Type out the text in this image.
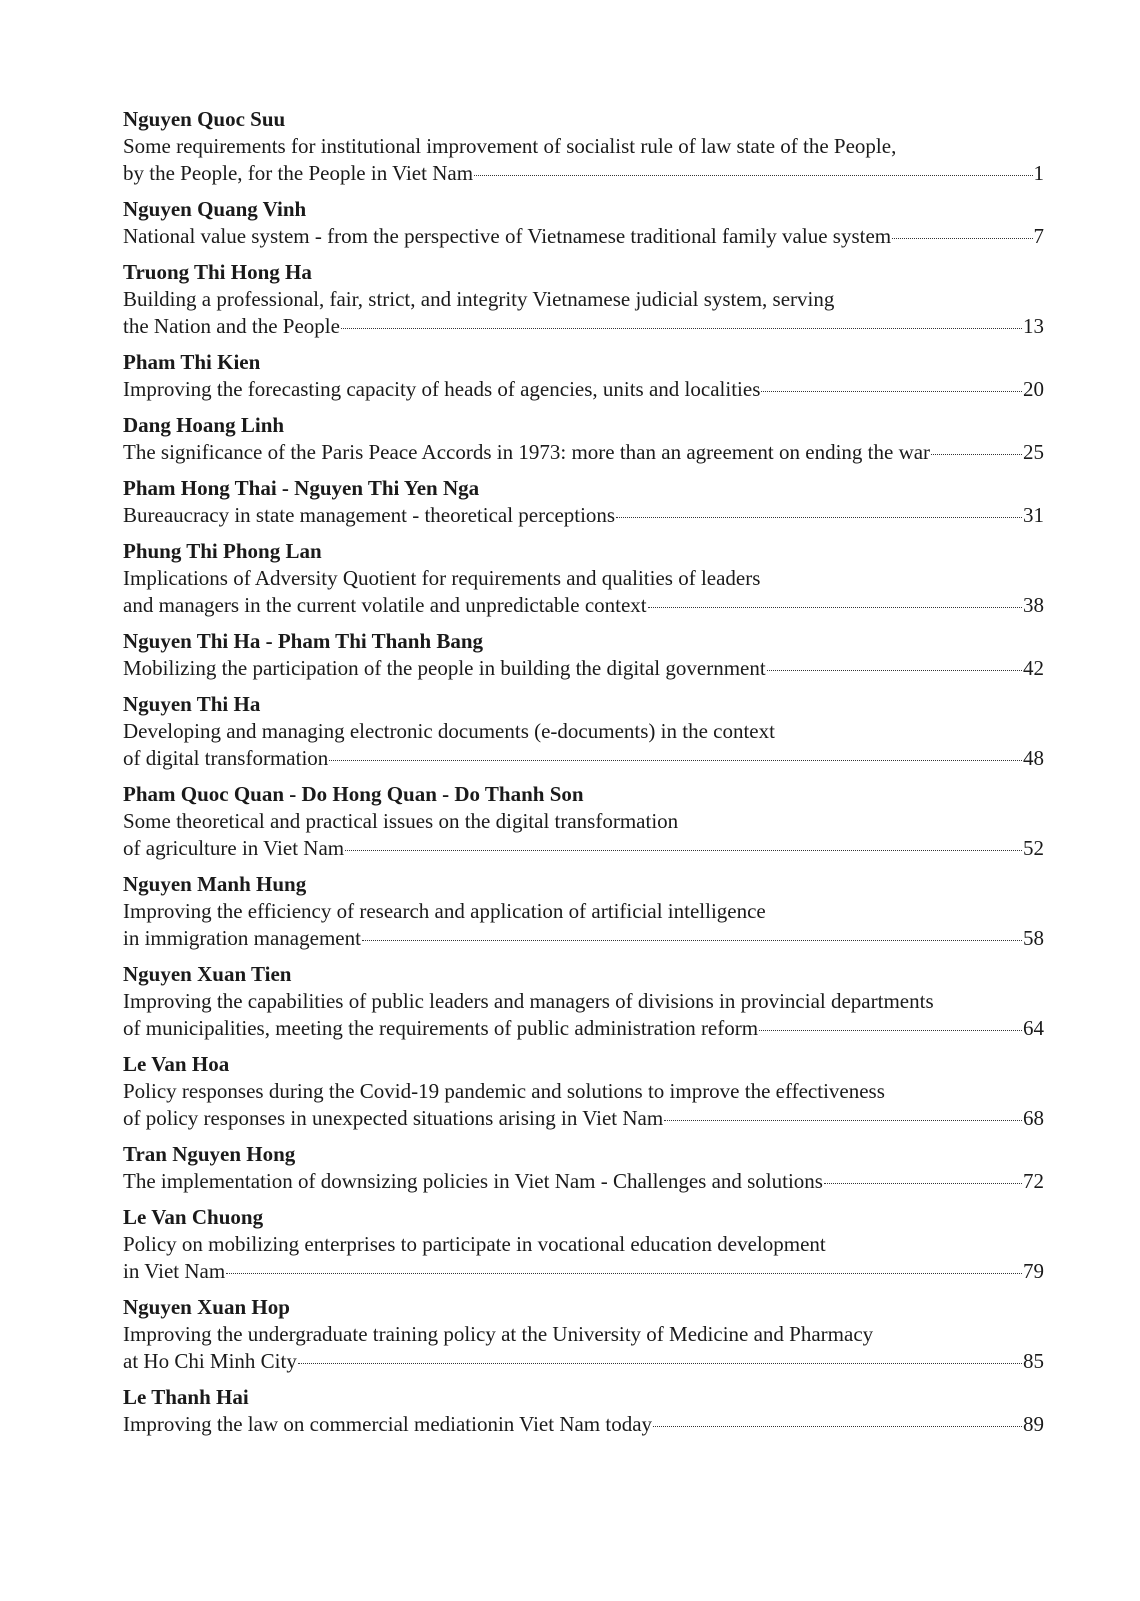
Nguyen Quoc Suu
Some requirements for institutional improvement of socialist rule of law state of the People,
by the People, for the People in Viet Nam	1
Nguyen Quang Vinh
National value system - from the perspective of Vietnamese traditional family value system	7
Truong Thi Hong Ha
Building a professional, fair, strict, and integrity Vietnamese judicial system, serving
the Nation and the People	13
Pham Thi Kien
Improving the forecasting capacity of heads of agencies, units and localities	20
Dang Hoang Linh
The significance of the Paris Peace Accords in 1973: more than an agreement on ending the war	25
Pham Hong Thai - Nguyen Thi Yen Nga
Bureaucracy in state management - theoretical perceptions	31
Phung Thi Phong Lan
Implications of Adversity Quotient for requirements and qualities of leaders
and managers in the current volatile and unpredictable context	38
Nguyen Thi Ha - Pham Thi Thanh Bang
Mobilizing the participation of the people in building the digital government	42
Nguyen Thi Ha
Developing and managing electronic documents (e-documents) in the context
of digital transformation	48
Pham Quoc Quan - Do Hong Quan - Do Thanh Son
Some theoretical and practical issues on the digital transformation
of agriculture in Viet Nam	52
Nguyen Manh Hung
Improving the efficiency of research and application of artificial intelligence
in immigration management	58
Nguyen Xuan Tien
Improving the capabilities of public leaders and managers of divisions in provincial departments
of municipalities, meeting the requirements of public administration reform	64
Le Van Hoa
Policy responses during the Covid-19 pandemic and solutions to improve the effectiveness
of policy responses in unexpected situations arising in Viet Nam	68
Tran Nguyen Hong
The implementation of downsizing policies in Viet Nam - Challenges and solutions	72
Le Van Chuong
Policy on mobilizing enterprises to participate in vocational education development
in Viet Nam	79
Nguyen Xuan Hop
Improving the undergraduate training policy at the University of Medicine and Pharmacy
at Ho Chi Minh City	85
Le Thanh Hai
Improving the law on commercial mediationin Viet Nam today	89
